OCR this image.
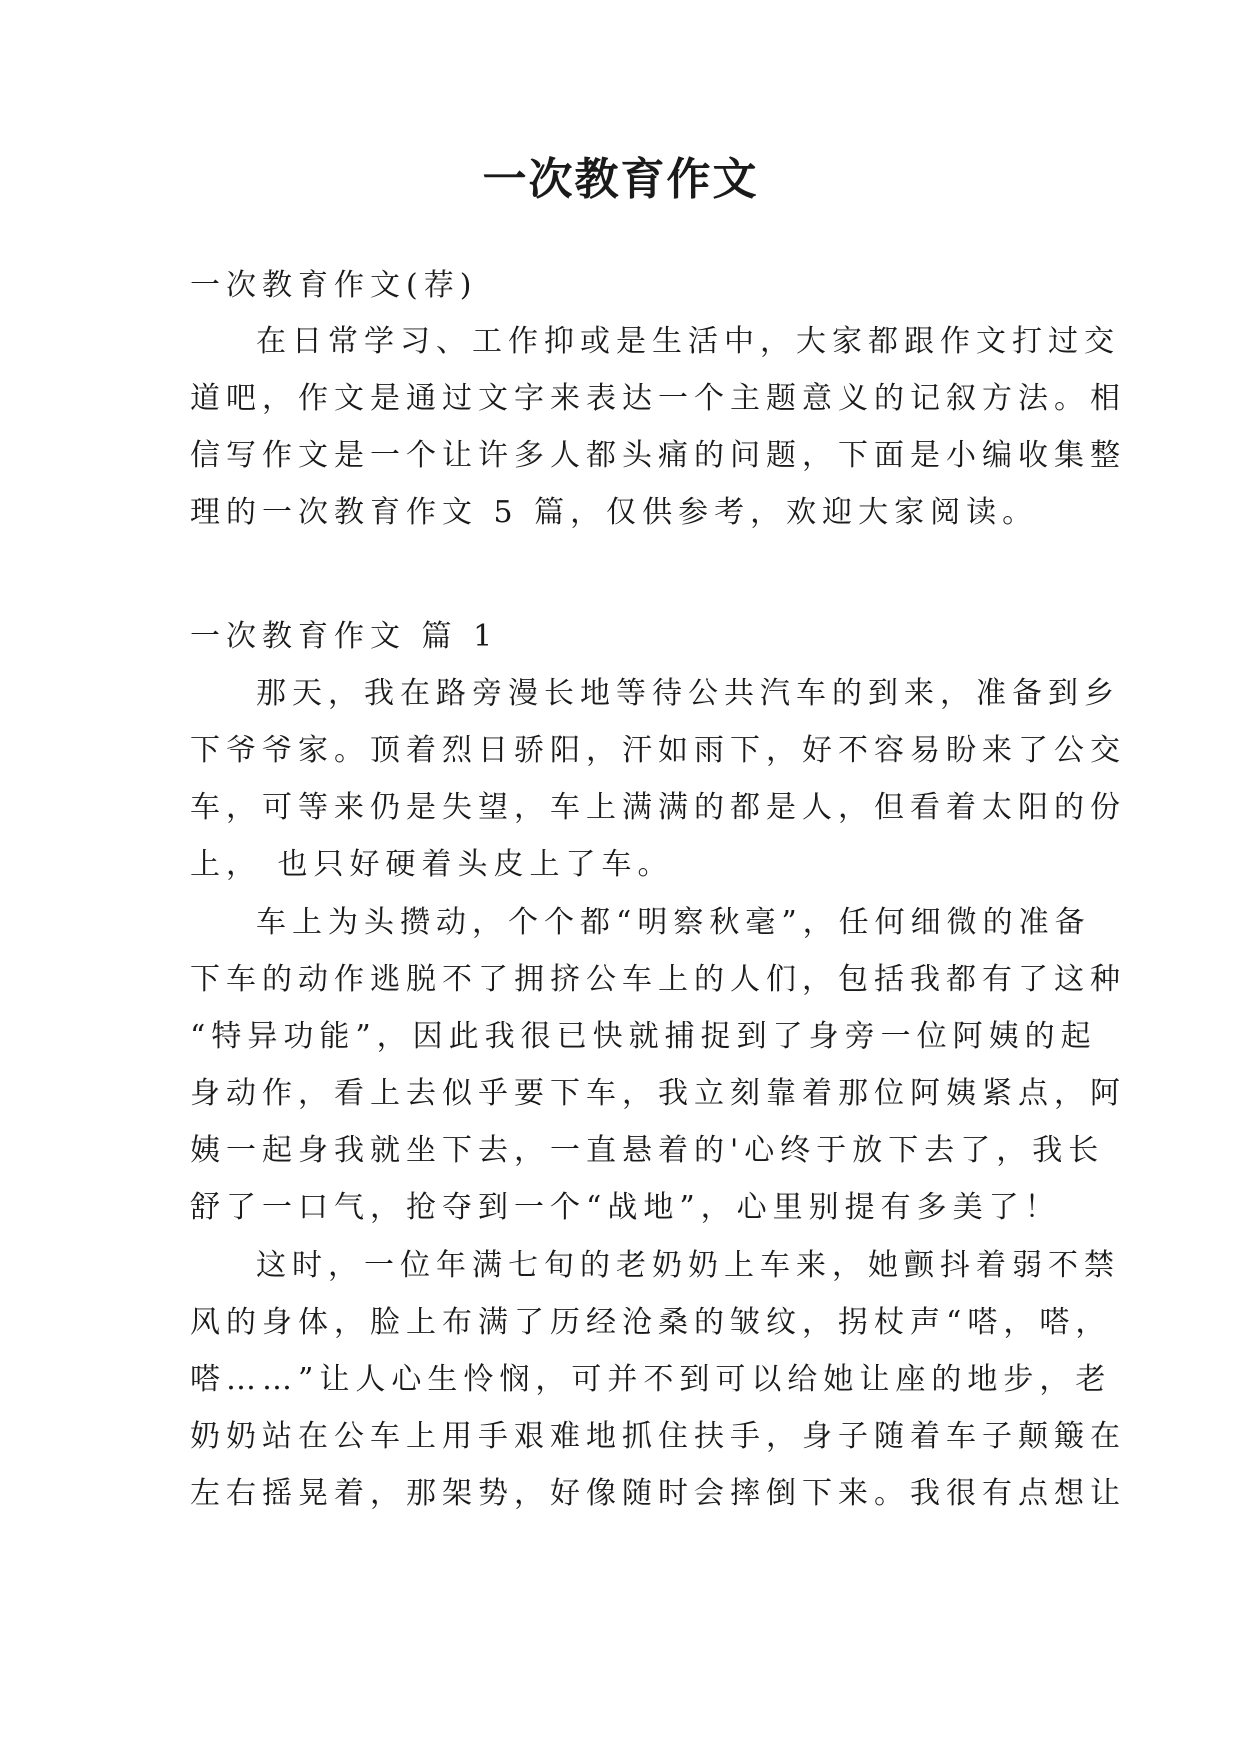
一次教育作文

一次教育作文(荐)

在日常学习、工作抑或是生活中，大家都跟作文打过交

道吧，作文是通过文字来表达一个主题意义的记叙方法。相

信写作文是一个让许多人都头痛的问题，下面是小编收集整

理的一次教育作文 5 篇，仅供参考，欢迎大家阅读。

一次教育作文 篇 1

那天，我在路旁漫长地等待公共汽车的到来，准备到乡

下爷爷家。顶着烈日骄阳，汗如雨下，好不容易盼来了公交

车，可等来仍是失望，车上满满的都是人，但看着太阳的份

上， 也只好硬着头皮上了车。

车上为头攒动，个个都“明察秋毫”，任何细微的准备

下车的动作逃脱不了拥挤公车上的人们，包括我都有了这种

“特异功能”，因此我很已快就捕捉到了身旁一位阿姨的起

身动作，看上去似乎要下车，我立刻靠着那位阿姨紧点，阿

姨一起身我就坐下去，一直悬着的'心终于放下去了，我长

舒了一口气，抢夺到一个“战地”，心里别提有多美了！

这时，一位年满七旬的老奶奶上车来，她颤抖着弱不禁

风的身体，脸上布满了历经沧桑的皱纹，拐杖声“嗒，嗒，

嗒……”让人心生怜悯，可并不到可以给她让座的地步，老

奶奶站在公车上用手艰难地抓住扶手，身子随着车子颠簸在

左右摇晃着，那架势，好像随时会摔倒下来。我很有点想让
